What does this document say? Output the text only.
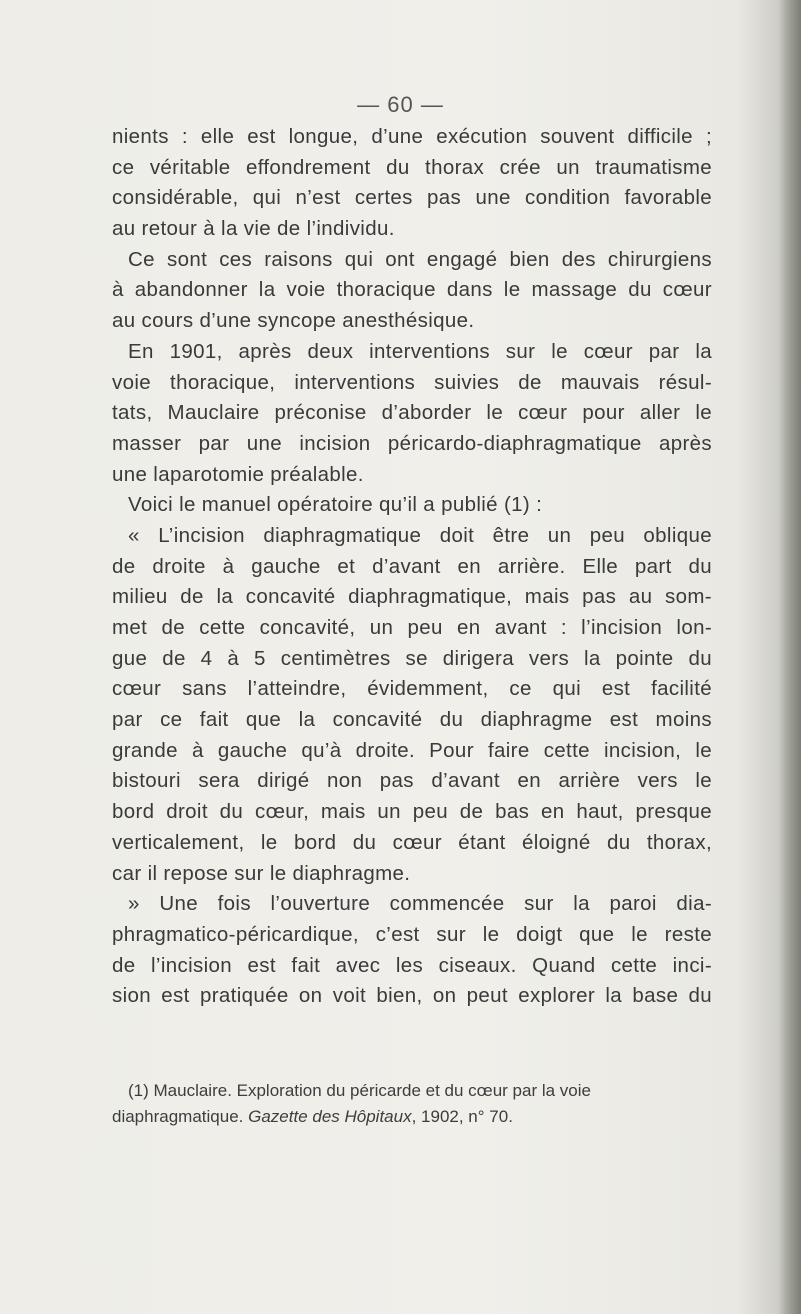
— 60 —
nients : elle est longue, d’une exécution souvent difficile ;
ce véritable effondrement du thorax crée un traumatisme
considérable, qui n’est certes pas une condition favorable
au retour à la vie de l’individu.
Ce sont ces raisons qui ont engagé bien des chirurgiens
à abandonner la voie thoracique dans le massage du cœur
au cours d’une syncope anesthésique.
En 1901, après deux interventions sur le cœur par la
voie thoracique, interventions suivies de mauvais résul-
tats, Mauclaire préconise d’aborder le cœur pour aller le
masser par une incision péricardo-diaphragmatique après
une laparotomie préalable.
Voici le manuel opératoire qu’il a publié (1) :
« L’incision diaphragmatique doit être un peu oblique
de droite à gauche et d’avant en arrière. Elle part du
milieu de la concavité diaphragmatique, mais pas au som-
met de cette concavité, un peu en avant : l’incision lon-
gue de 4 à 5 centimètres se dirigera vers la pointe du
cœur sans l’atteindre, évidemment, ce qui est facilité
par ce fait que la concavité du diaphragme est moins
grande à gauche qu’à droite. Pour faire cette incision, le
bistouri sera dirigé non pas d’avant en arrière vers le
bord droit du cœur, mais un peu de bas en haut, presque
verticalement, le bord du cœur étant éloigné du thorax,
car il repose sur le diaphragme.
» Une fois l’ouverture commencée sur la paroi dia-
phragmatico-péricardique, c’est sur le doigt que le reste
de l’incision est fait avec les ciseaux. Quand cette inci-
sion est pratiquée on voit bien, on peut explorer la base du
(1) Mauclaire. Exploration du péricarde et du cœur par la voie
diaphragmatique. Gazette des Hôpitaux, 1902, n° 70.
